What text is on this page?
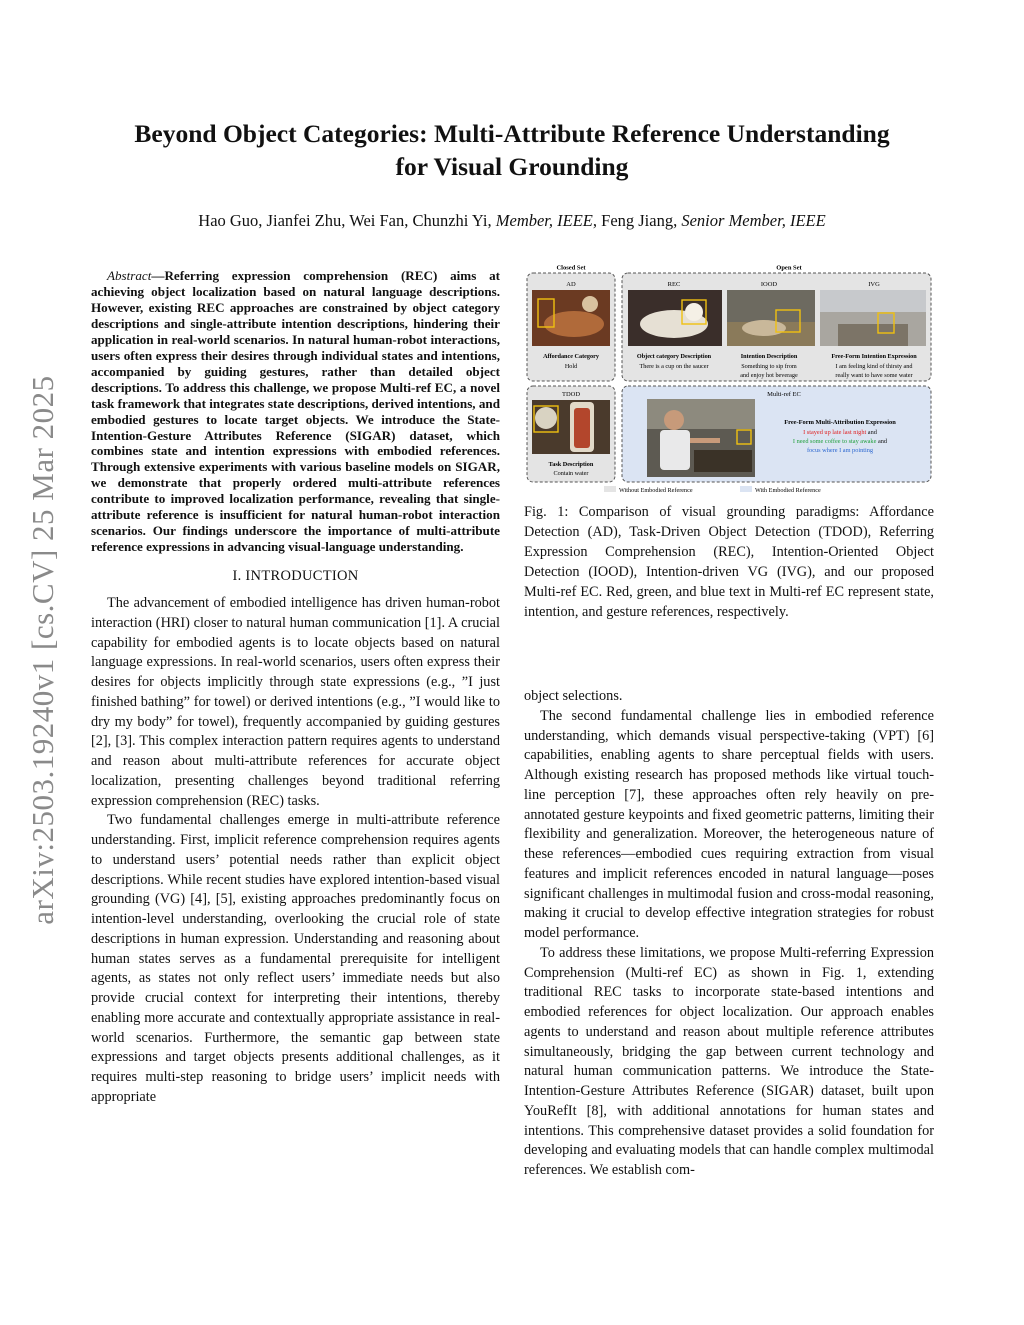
arXiv:2503.19240v1 [cs.CV] 25 Mar 2025
Beyond Object Categories: Multi-Attribute Reference Understanding
for Visual Grounding
Hao Guo, Jianfei Zhu, Wei Fan, Chunzhi Yi, Member, IEEE, Feng Jiang, Senior Member, IEEE

Abstract—Referring expression comprehension (REC) aims at achieving object localization based on natural language descriptions. However, existing REC approaches are constrained by object category descriptions and single-attribute intention descriptions, hindering their application in real-world scenarios. In natural human-robot interactions, users often express their desires through individual states and intentions, accompanied by guiding gestures, rather than detailed object descriptions. To address this challenge, we propose Multi-ref EC, a novel task framework that integrates state descriptions, derived intentions, and embodied gestures to locate target objects. We introduce the State-Intention-Gesture Attributes Reference (SIGAR) dataset, which combines state and intention expressions with embodied references. Through extensive experiments with various baseline models on SIGAR, we demonstrate that properly ordered multi-attribute references contribute to improved localization performance, revealing that single-attribute reference is insufficient for natural human-robot interaction scenarios. Our findings underscore the importance of multi-attribute reference expressions in advancing visual-language understanding.

I. INTRODUCTION

The advancement of embodied intelligence has driven human-robot interaction (HRI) closer to natural human communication [1]. A crucial capability for embodied agents is to locate objects based on natural language expressions. In real-world scenarios, users often express their desires for objects implicitly through state expressions (e.g., ”I just finished bathing” for towel) or derived intentions (e.g., ”I would like to dry my body” for towel), frequently accompanied by guiding gestures [2], [3]. This complex interaction pattern requires agents to understand and reason about multi-attribute references for accurate object localization, presenting challenges beyond traditional referring expression comprehension (REC) tasks.

Two fundamental challenges emerge in multi-attribute reference understanding. First, implicit reference comprehension requires agents to understand users’ potential needs rather than explicit object descriptions. While recent studies have explored intention-based visual grounding (VG) [4], [5], existing approaches predominantly focus on intention-level understanding, overlooking the crucial role of state descriptions in human expression. Understanding and reasoning about human states serves as a fundamental prerequisite for intelligent agents, as states not only reflect users’ immediate needs but also provide crucial context for interpreting their intentions, thereby enabling more accurate and contextually appropriate assistance in real-world scenarios. Furthermore, the semantic gap between state expressions and target objects presents additional challenges, as it requires multi-step reasoning to bridge users’ implicit needs with appropriate

Closed Set	Open Set
AD
Affordance Category
Hold
REC	IOOD	IVG
Object category Description
There is a cup on the saucer
Intention Description
Something to sip from
and enjoy hot beverage
Free-Form Intention Expression
I am feeling kind of thirsty and
really want to have some water
TDOD
Task Description
Contain water
Multi-ref EC
Free-Form Multi-Attribution Expression
I stayed up late last night and
I need some coffee to stay awake and
focus where I am pointing
Without Embodied Reference	With Embodied Reference
Fig. 1: Comparison of visual grounding paradigms: Affordance Detection (AD), Task-Driven Object Detection (TDOD), Referring Expression Comprehension (REC), Intention-Oriented Object Detection (IOOD), Intention-driven VG (IVG), and our proposed Multi-ref EC. Red, green, and blue text in Multi-ref EC represent state, intention, and gesture references, respectively.

object selections.

The second fundamental challenge lies in embodied reference understanding, which demands visual perspective-taking (VPT) [6] capabilities, enabling agents to share perceptual fields with users. Although existing research has proposed methods like virtual touch-line perception [7], these approaches often rely heavily on pre-annotated gesture keypoints and fixed geometric patterns, limiting their flexibility and generalization. Moreover, the heterogeneous nature of these references—embodied cues requiring extraction from visual features and implicit references encoded in natural language—poses significant challenges in multimodal fusion and cross-modal reasoning, making it crucial to develop effective integration strategies for robust model performance.

To address these limitations, we propose Multi-referring Expression Comprehension (Multi-ref EC) as shown in Fig. 1, extending traditional REC tasks to incorporate state-based intentions and embodied references for object localization. Our approach enables agents to understand and reason about multiple reference attributes simultaneously, bridging the gap between current technology and natural human communication patterns. We introduce the State-Intention-Gesture Attributes Reference (SIGAR) dataset, built upon YouRefIt [8], with additional annotations for human states and intentions. This comprehensive dataset provides a solid foundation for developing and evaluating models that can handle complex multimodal references. We establish com-
